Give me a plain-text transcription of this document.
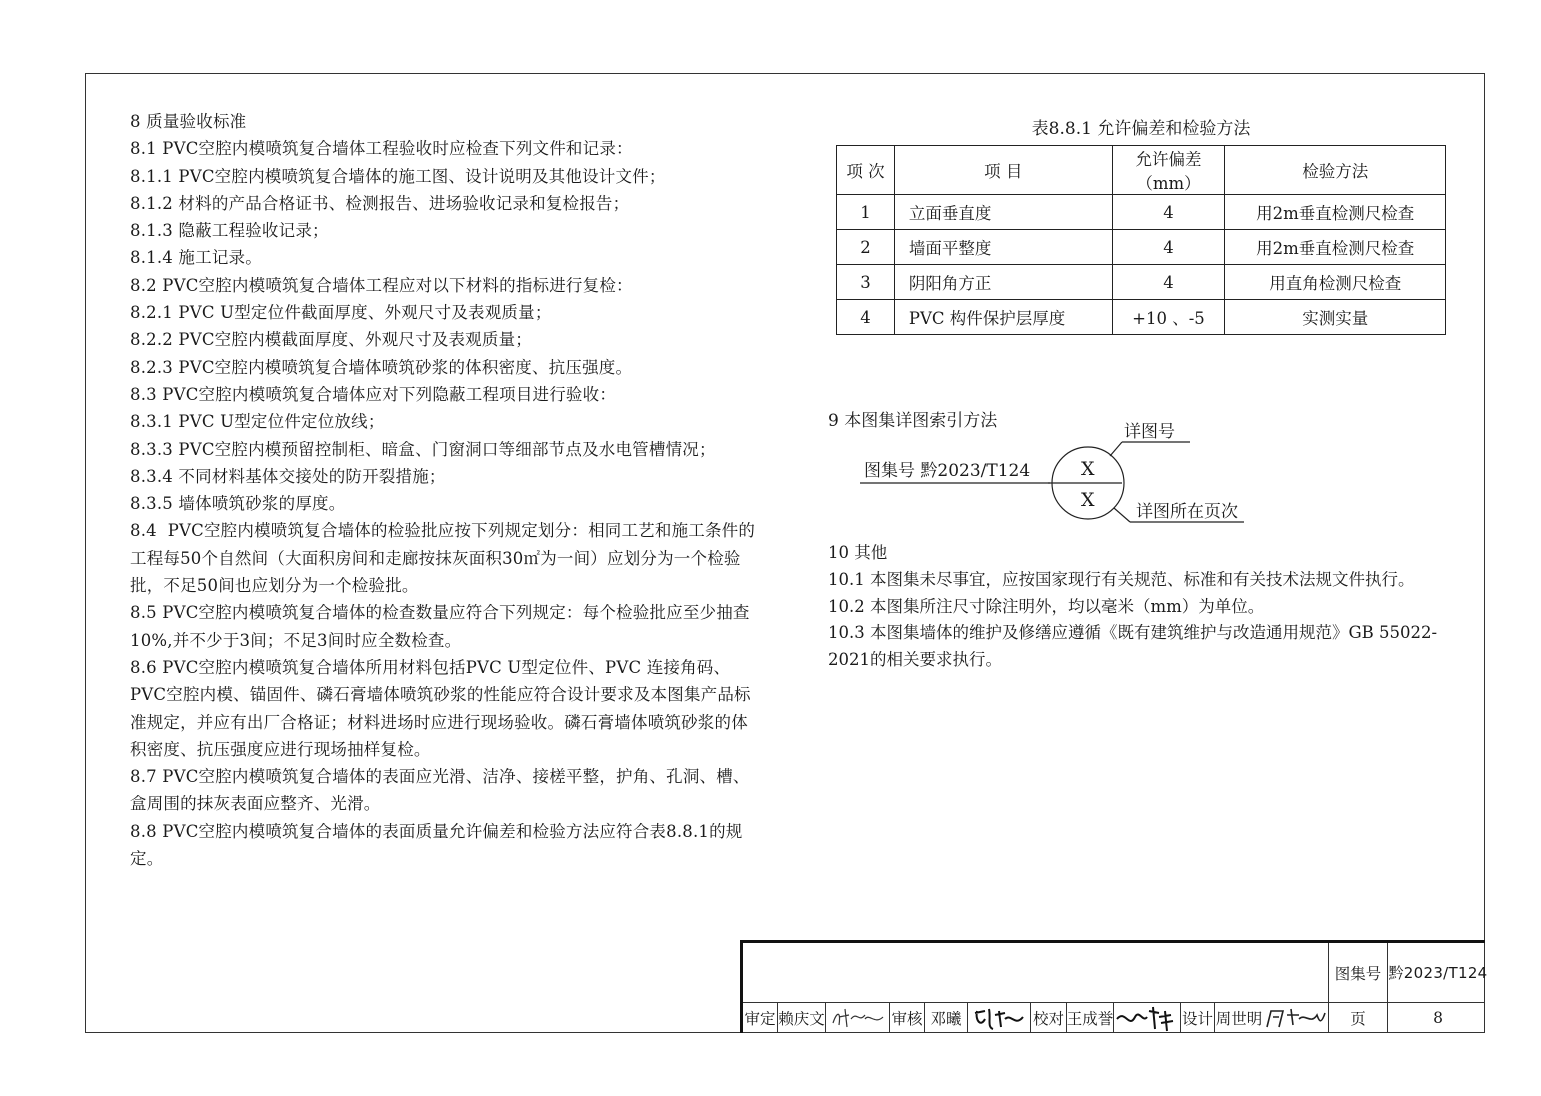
8 质量验收标准

8.1 PVC空腔内模喷筑复合墙体工程验收时应检查下列文件和记录：

8.1.1 PVC空腔内模喷筑复合墙体的施工图、设计说明及其他设计文件；

8.1.2 材料的产品合格证书、检测报告、进场验收记录和复检报告；

8.1.3 隐蔽工程验收记录；

8.1.4 施工记录。

8.2 PVC空腔内模喷筑复合墙体工程应对以下材料的指标进行复检：

8.2.1 PVC U型定位件截面厚度、外观尺寸及表观质量；

8.2.2 PVC空腔内模截面厚度、外观尺寸及表观质量；

8.2.3 PVC空腔内模喷筑复合墙体喷筑砂浆的体积密度、抗压强度。

8.3 PVC空腔内模喷筑复合墙体应对下列隐蔽工程项目进行验收：

8.3.1 PVC U型定位件定位放线；

8.3.3 PVC空腔内模预留控制柜、暗盒、门窗洞口等细部节点及水电管槽情况；

8.3.4 不同材料基体交接处的防开裂措施；

8.3.5 墙体喷筑砂浆的厚度。

8.4  PVC空腔内模喷筑复合墙体的检验批应按下列规定划分：相同工艺和施工条件的工程每50个自然间（大面积房间和走廊按抹灰面积30㎡为一间）应划分为一个检验批，不足50间也应划分为一个检验批。

8.5 PVC空腔内模喷筑复合墙体的检查数量应符合下列规定：每个检验批应至少抽查10%,并不少于3间；不足3间时应全数检查。

8.6 PVC空腔内模喷筑复合墙体所用材料包括PVC U型定位件、PVC 连接角码、PVC空腔内模、锚固件、磷石膏墙体喷筑砂浆的性能应符合设计要求及本图集产品标准规定，并应有出厂合格证；材料进场时应进行现场验收。磷石膏墙体喷筑砂浆的体积密度、抗压强度应进行现场抽样复检。

8.7 PVC空腔内模喷筑复合墙体的表面应光滑、洁净、接槎平整，护角、孔洞、槽、盒周围的抹灰表面应整齐、光滑。

8.8 PVC空腔内模喷筑复合墙体的表面质量允许偏差和检验方法应符合表8.8.1的规定。

表8.8.1 允许偏差和检验方法
项 次	项 目	允许偏差（mm）	检验方法
1	立面垂直度	4	用2m垂直检测尺检查
2	墙面平整度	4	用2m垂直检测尺检查
3	阴阳角方正	4	用直角检测尺检查
4	PVC 构件保护层厚度	+10 、-5	实测实量
9 本图集详图索引方法
图集号 黔2023/T124	X
X
详图号
详图所在页次

10 其他

10.1 本图集未尽事宜，应按国家现行有关规范、标准和有关技术法规文件执行。

10.2 本图集所注尺寸除注明外，均以毫米（mm）为单位。

10.3 本图集墙体的维护及修缮应遵循《既有建筑维护与改造通用规范》GB 55022-2021的相关要求执行。

图集号 黔2023/T124
审定 赖庆文	审核 邓曦	校对 王成誉	设计 周世明	页	8
